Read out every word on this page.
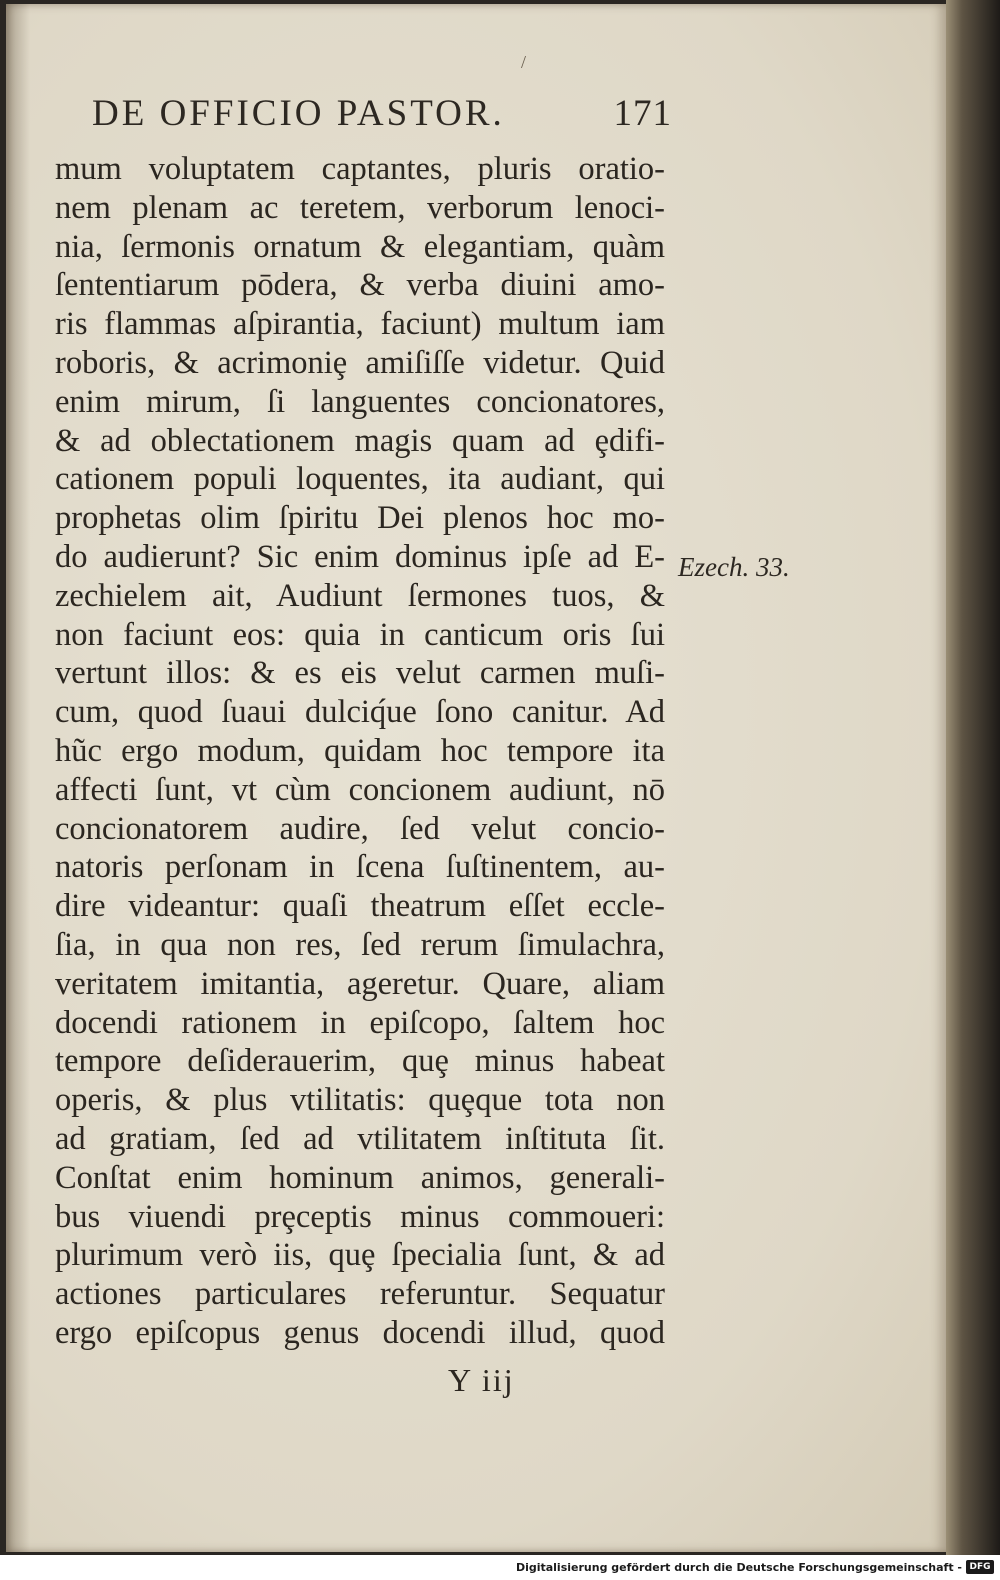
/
DE OFFICIO PASTOR.	171
mum voluptatem captantes, pluris oratio-
nem plenam ac teretem, verborum lenoci-
nia, ſermonis ornatum & elegantiam, quàm
ſententiarum pōdera, & verba diuini amo-
ris flammas aſpirantia, faciunt) multum iam
roboris, & acrimoniȩ amiſiſſe videtur. Quid
enim mirum, ſi languentes concionatores,
& ad oblectationem magis quam ad ȩdifi-
cationem populi loquentes, ita audiant, qui
prophetas olim ſpiritu Dei plenos hoc mo-
do audierunt? Sic enim dominus ipſe ad E-
zechielem ait, Audiunt ſermones tuos, &
non faciunt eos: quia in canticum oris ſui
vertunt illos: & es eis velut carmen muſi-
cum, quod ſuaui dulciq́ue ſono canitur. Ad
hũc ergo modum, quidam hoc tempore ita
affecti ſunt, vt cùm concionem audiunt, nō
concionatorem audire, ſed velut concio-
natoris perſonam in ſcena ſuſtinentem, au-
dire videantur: quaſi theatrum eſſet eccle-
ſia, in qua non res, ſed rerum ſimulachra,
veritatem imitantia, ageretur. Quare, aliam
docendi rationem in epiſcopo, ſaltem hoc
tempore deſiderauerim, quȩ minus habeat
operis, & plus vtilitatis: quȩque tota non
ad gratiam, ſed ad vtilitatem inſtituta ſit.
Conſtat enim hominum animos, generali-
bus viuendi prȩceptis minus commoueri:
plurimum verò iis, quȩ ſpecialia ſunt, & ad
actiones particulares referuntur. Sequatur
ergo epiſcopus genus docendi illud, quod
Ezech. 33.
Y iij
Digitalisierung gefördert durch die Deutsche Forschungsgemeinschaft - DFG
